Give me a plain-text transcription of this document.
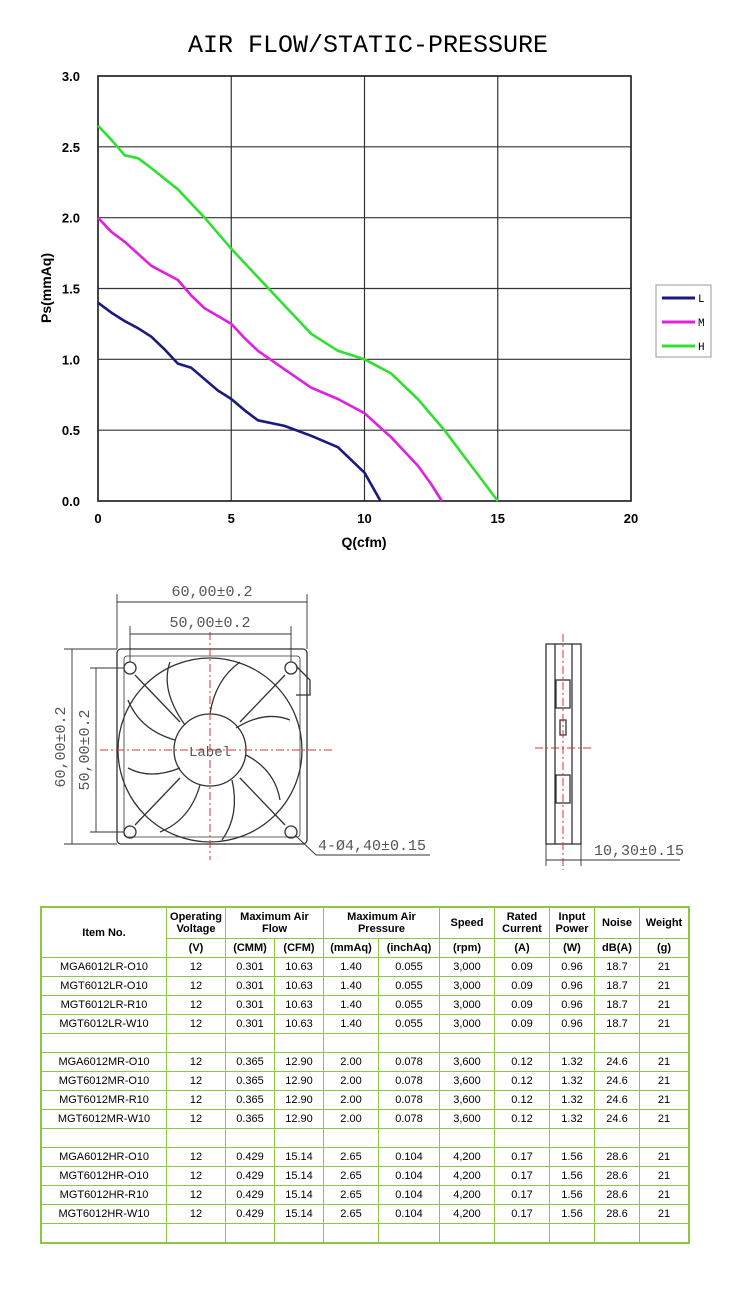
AIR FLOW/STATIC-PRESSURE
0	5	10	15	20
0.0
0.5
1.0
1.5
2.0
2.5
3.0
Q(cfm)
Ps(mmAq)	L
M
H
60,00±0.2
50,00±0.2
60,00±0.2 50,00±0.2	Label
4-Ø4,40±0.15	10,30±0.15
Item No.	Operating Voltage	Maximum Air Flow		Maximum Air Pressure		Speed	Rated Current	Input Power	Noise	Weight
	(V)	(CMM)	(CFM)	(mmAq)	(inchAq)	(rpm)	(A)	(W)	dB(A)	(g)
MGA6012LR-O10	12	0.301	10.63	1.40	0.055	3,000	0.09	0.96	18.7	21
MGT6012LR-O10	12	0.301	10.63	1.40	0.055	3,000	0.09	0.96	18.7	21
MGT6012LR-R10	12	0.301	10.63	1.40	0.055	3,000	0.09	0.96	18.7	21
MGT6012LR-W10	12	0.301	10.63	1.40	0.055	3,000	0.09	0.96	18.7	21

MGA6012MR-O10	12	0.365	12.90	2.00	0.078	3,600	0.12	1.32	24.6	21
MGT6012MR-O10	12	0.365	12.90	2.00	0.078	3,600	0.12	1.32	24.6	21
MGT6012MR-R10	12	0.365	12.90	2.00	0.078	3,600	0.12	1.32	24.6	21
MGT6012MR-W10	12	0.365	12.90	2.00	0.078	3,600	0.12	1.32	24.6	21

MGA6012HR-O10	12	0.429	15.14	2.65	0.104	4,200	0.17	1.56	28.6	21
MGT6012HR-O10	12	0.429	15.14	2.65	0.104	4,200	0.17	1.56	28.6	21
MGT6012HR-R10	12	0.429	15.14	2.65	0.104	4,200	0.17	1.56	28.6	21
MGT6012HR-W10	12	0.429	15.14	2.65	0.104	4,200	0.17	1.56	28.6	21
